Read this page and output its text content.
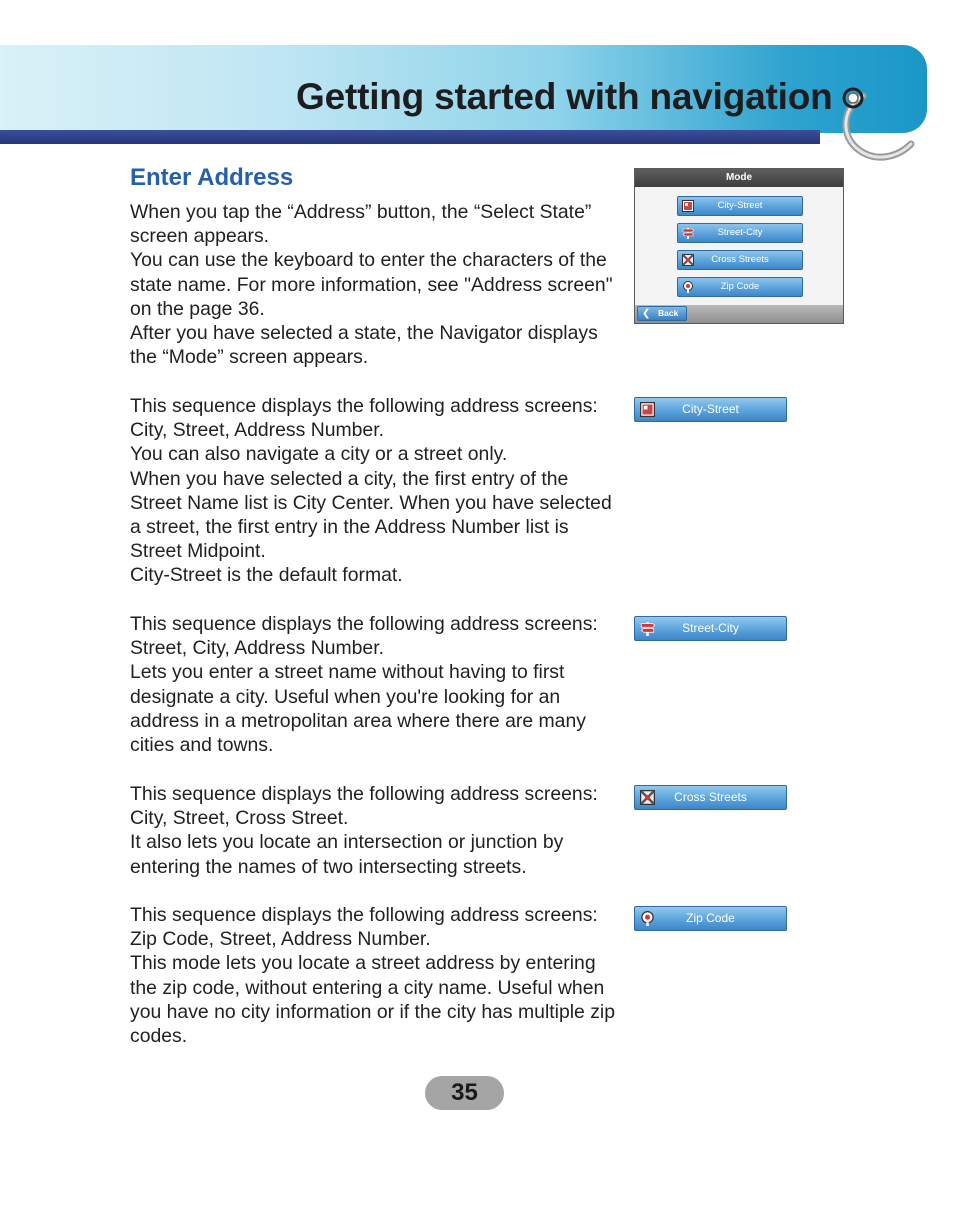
Getting started with navigation
Enter Address

When you tap the “Address” button, the “Select State” screen appears.

You can use the keyboard to enter the characters of the state name. For more information, see "Address screen" on the page 36.

After you have selected a state, the Navigator displays the “Mode” screen appears.

This sequence displays the following address screens: City, Street, Address Number.

You can also navigate a city or a street only.

When you have selected a city, the first entry of the Street Name list is City Center. When you have selected a street, the first entry in the Address Number list is Street Midpoint.

City-Street is the default format.

This sequence displays the following address screens: Street, City, Address Number.

Lets you enter a street name without having to first designate a city. Useful when you're looking for an address in a metropolitan area where there are many cities and towns.

This sequence displays the following address screens: City, Street, Cross Street.

It also lets you locate an intersection or junction by entering the names of two intersecting streets.

This sequence displays the following address screens: Zip Code, Street, Address Number.

This mode lets you locate a street address by entering the zip code, without entering a city name. Useful when you have no city information or if the city has multiple zip codes.

Mode
City-Street
Street-City
Cross Streets
Zip Code
❮ Back
City-Street
Street-City
Cross Streets
Zip Code
35
